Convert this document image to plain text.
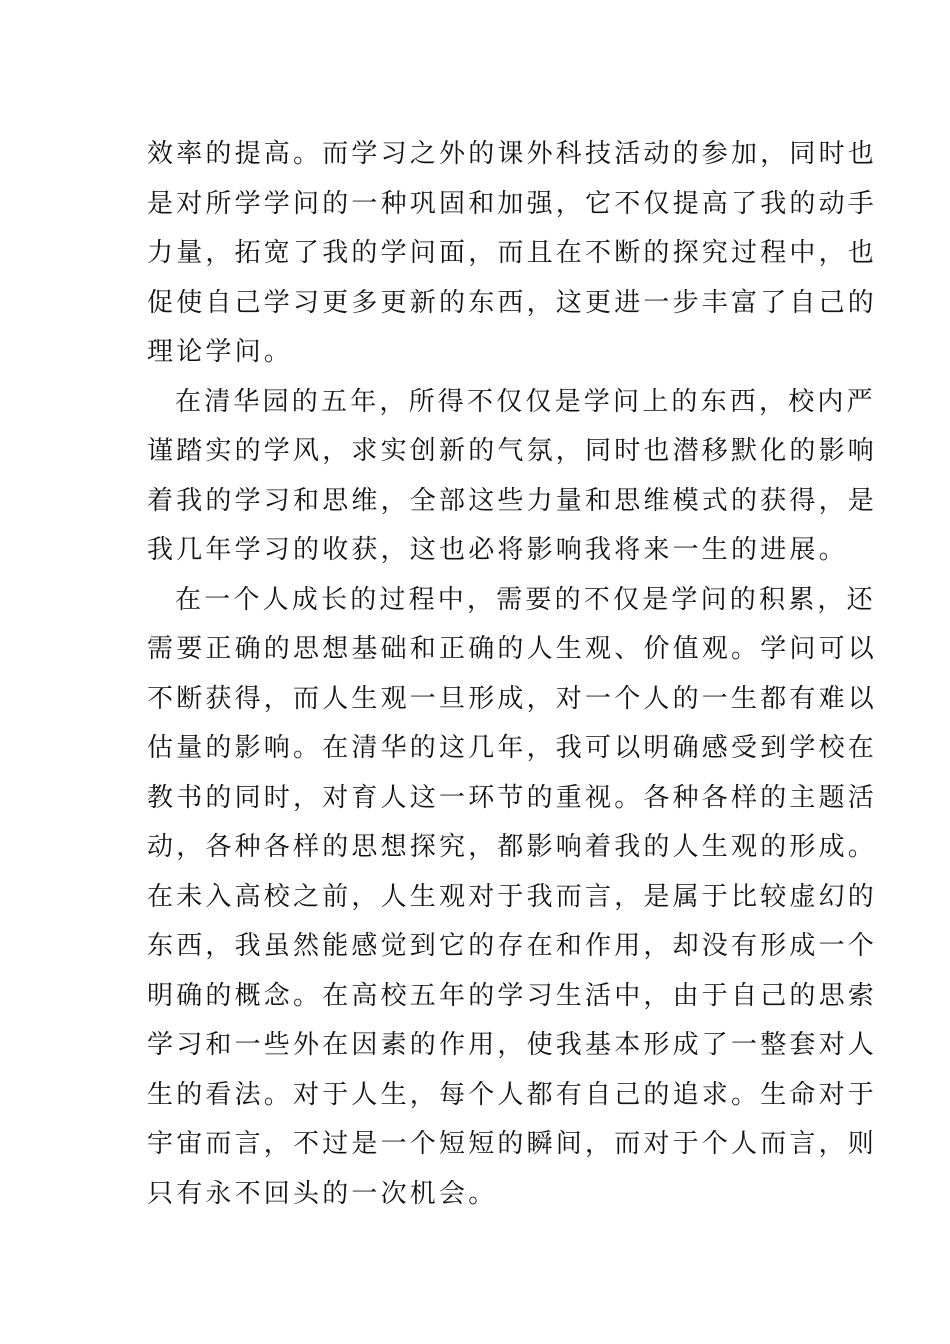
效率的提高。而学习之外的课外科技活动的参加，同时也
是对所学学问的一种巩固和加强，它不仅提高了我的动手
力量，拓宽了我的学问面，而且在不断的探究过程中，也
促使自己学习更多更新的东西，这更进一步丰富了自己的
理论学问。
在清华园的五年，所得不仅仅是学问上的东西，校内严
谨踏实的学风，求实创新的气氛，同时也潜移默化的影响
着我的学习和思维，全部这些力量和思维模式的获得，是
我几年学习的收获，这也必将影响我将来一生的进展。
在一个人成长的过程中，需要的不仅是学问的积累，还
需要正确的思想基础和正确的人生观、价值观。学问可以
不断获得，而人生观一旦形成，对一个人的一生都有难以
估量的影响。在清华的这几年，我可以明确感受到学校在
教书的同时，对育人这一环节的重视。各种各样的主题活
动，各种各样的思想探究，都影响着我的人生观的形成。
在未入高校之前，人生观对于我而言，是属于比较虚幻的
东西，我虽然能感觉到它的存在和作用，却没有形成一个
明确的概念。在高校五年的学习生活中，由于自己的思索
学习和一些外在因素的作用，使我基本形成了一整套对人
生的看法。对于人生，每个人都有自己的追求。生命对于
宇宙而言，不过是一个短短的瞬间，而对于个人而言，则
只有永不回头的一次机会。
